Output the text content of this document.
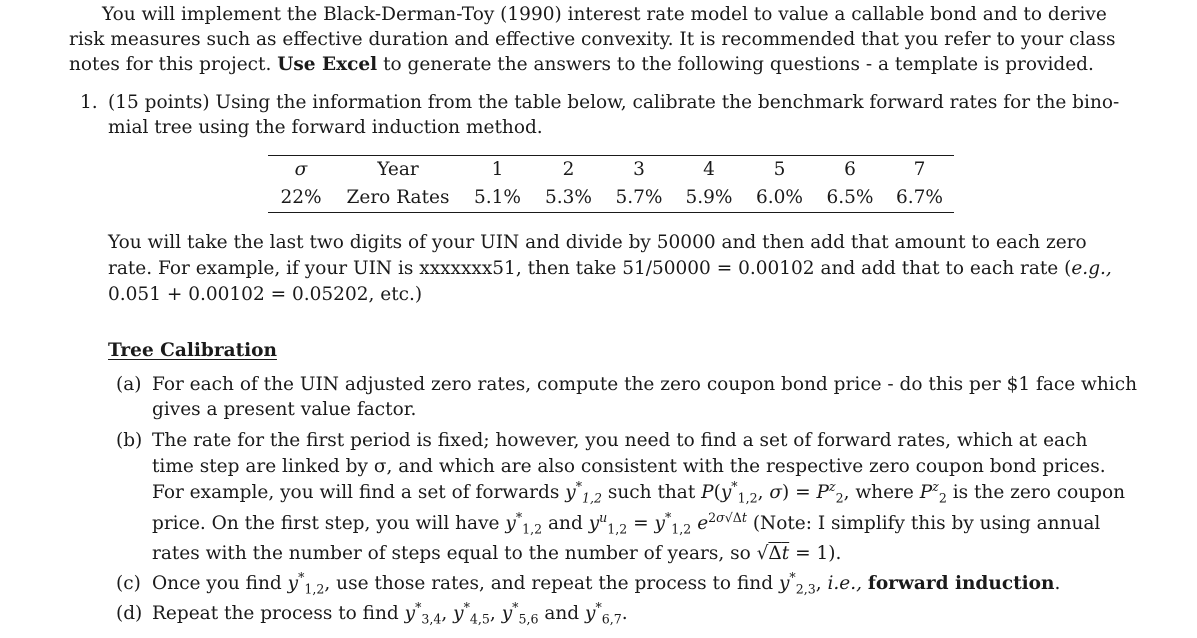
You will implement the Black-Derman-Toy (1990) interest rate model to value a callable bond and to derive
risk measures such as effective duration and effective convexity. It is recommended that you refer to your class
notes for this project. Use Excel to generate the answers to the following questions - a template is provided.
1. (15 points) Using the information from the table below, calibrate the benchmark forward rates for the bino-
mial tree using the forward induction method.
σ	Year	1	2	3	4	5	6	7
22%	Zero Rates	5.1%	5.3%	5.7%	5.9%	6.0%	6.5%	6.7%
You will take the last two digits of your UIN and divide by 50000 and then add that amount to each zero
rate. For example, if your UIN is xxxxxxx51, then take 51/50000 = 0.00102 and add that to each rate (e.g.,
0.051 + 0.00102 = 0.05202, etc.)
Tree Calibration
(a) For each of the UIN adjusted zero rates, compute the zero coupon bond price - do this per $1 face which
gives a present value factor.
(b) The rate for the first period is fixed; however, you need to find a set of forward rates, which at each
time step are linked by σ, and which are also consistent with the respective zero coupon bond prices.
For example, you will find a set of forwards $y^*_{1,2}$ such that $P(y^*_{1,2}$, $\sigma) = P^z_2$, where $P^z_2$ is the zero coupon
price. On the first step, you will have $y^*_{1,2}$ and $y^u_{1,2} = y^*_{1,2}$ $e^{2\sigma√\Delta t}$ (Note: I simplify this by using annual
rates with the number of steps equal to the number of years, so √Δt = 1).
(c) Once you find $y^*_{1,2}$, use those rates, and repeat the process to find $y^*_{2,3}$, i.e., forward induction.
(d) Repeat the process to find $y^*_{3,4}$, $y^*_{4,5}$, $y^*_{5,6}$ and $y^*_{6,7}$.
